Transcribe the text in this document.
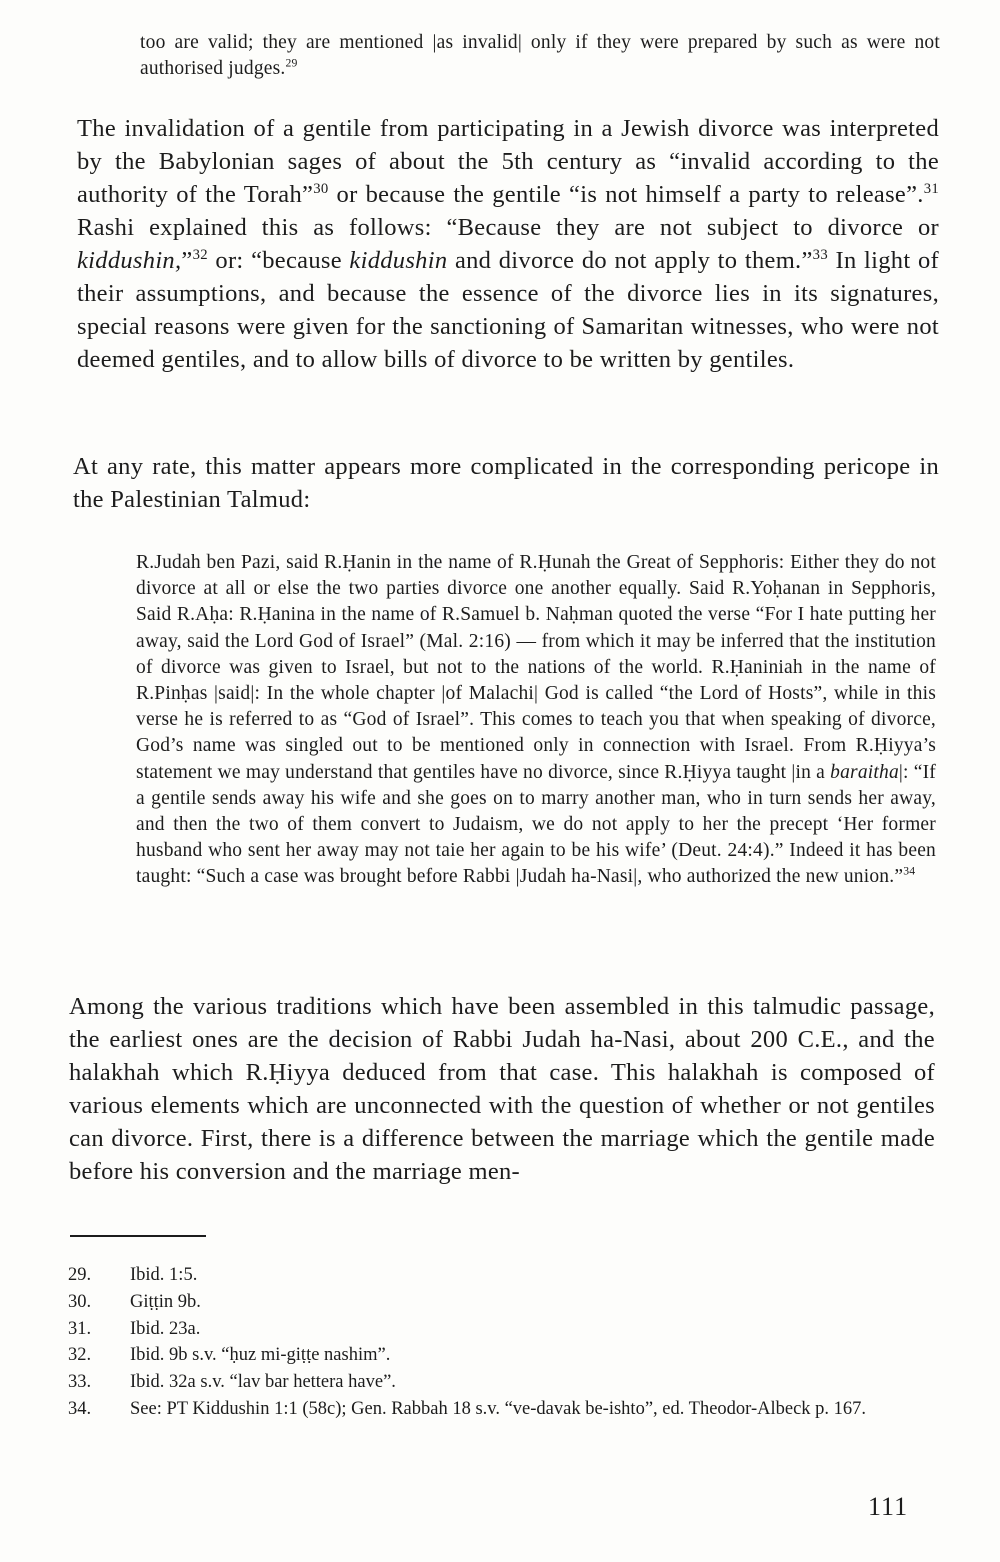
too are valid; they are mentioned |as invalid| only if they were prepared by such as were not authorised judges.$^{29}$

The invalidation of a gentile from participating in a Jewish divorce was interpreted by the Babylonian sages of about the 5th century as “invalid according to the authority of the Torah”$^{30}$ or because the gentile “is not himself a party to release”.$^{31}$ Rashi explained this as follows: “Because they are not subject to divorce or kiddushin,”$^{32}$ or: “because kiddushin and divorce do not apply to them.”$^{33}$ In light of their assumptions, and because the essence of the divorce lies in its signatures, special reasons were given for the sanctioning of Samaritan witnesses, who were not deemed gentiles, and to allow bills of divorce to be written by gentiles.

At any rate, this matter appears more complicated in the corresponding pericope in the Palestinian Talmud:

R.Judah ben Pazi, said R.Ḥanin in the name of R.Ḥunah the Great of Sepphoris: Either they do not divorce at all or else the two parties divorce one another equally. Said R.Yoḥanan in Sepphoris, Said R.Aḥa: R.Ḥanina in the name of R.Samuel b. Naḥman quoted the verse “For I hate putting her away, said the Lord God of Israel” (Mal. 2:16) — from which it may be inferred that the institution of divorce was given to Israel, but not to the nations of the world. R.Ḥaniniah in the name of R.Pinḥas |said|: In the whole chapter |of Malachi| God is called “the Lord of Hosts”, while in this verse he is referred to as “God of Israel”. This comes to teach you that when speaking of divorce, God’s name was singled out to be mentioned only in connection with Israel. From R.Ḥiyya’s statement we may understand that gentiles have no divorce, since R.Ḥiyya taught |in a baraitha|: “If a gentile sends away his wife and she goes on to marry another man, who in turn sends her away, and then the two of them convert to Judaism, we do not apply to her the precept ‘Her former husband who sent her away may not taie her again to be his wife’ (Deut. 24:4).” Indeed it has been taught: “Such a case was brought before Rabbi |Judah ha-Nasi|, who authorized the new union.”$^{34}$

Among the various traditions which have been assembled in this talmudic passage, the earliest ones are the decision of Rabbi Judah ha-Nasi, about 200 C.E., and the halakhah which R.Ḥiyya deduced from that case. This halakhah is composed of various elements which are unconnected with the question of whether or not gentiles can divorce. First, there is a difference between the marriage which the gentile made before his conversion and the marriage men-

29.	Ibid. 1:5.
30.	Giṭṭin 9b.
31.	Ibid. 23a.
32.	Ibid. 9b s.v. “ḥuz mi-giṭṭe nashim”.
33.	Ibid. 32a s.v. “lav bar hettera have”.
34. See: PT Kiddushin 1:1 (58c); Gen. Rabbah 18 s.v. “ve-davak be-ishto”, ed. Theodor-Albeck p. 167.
111
